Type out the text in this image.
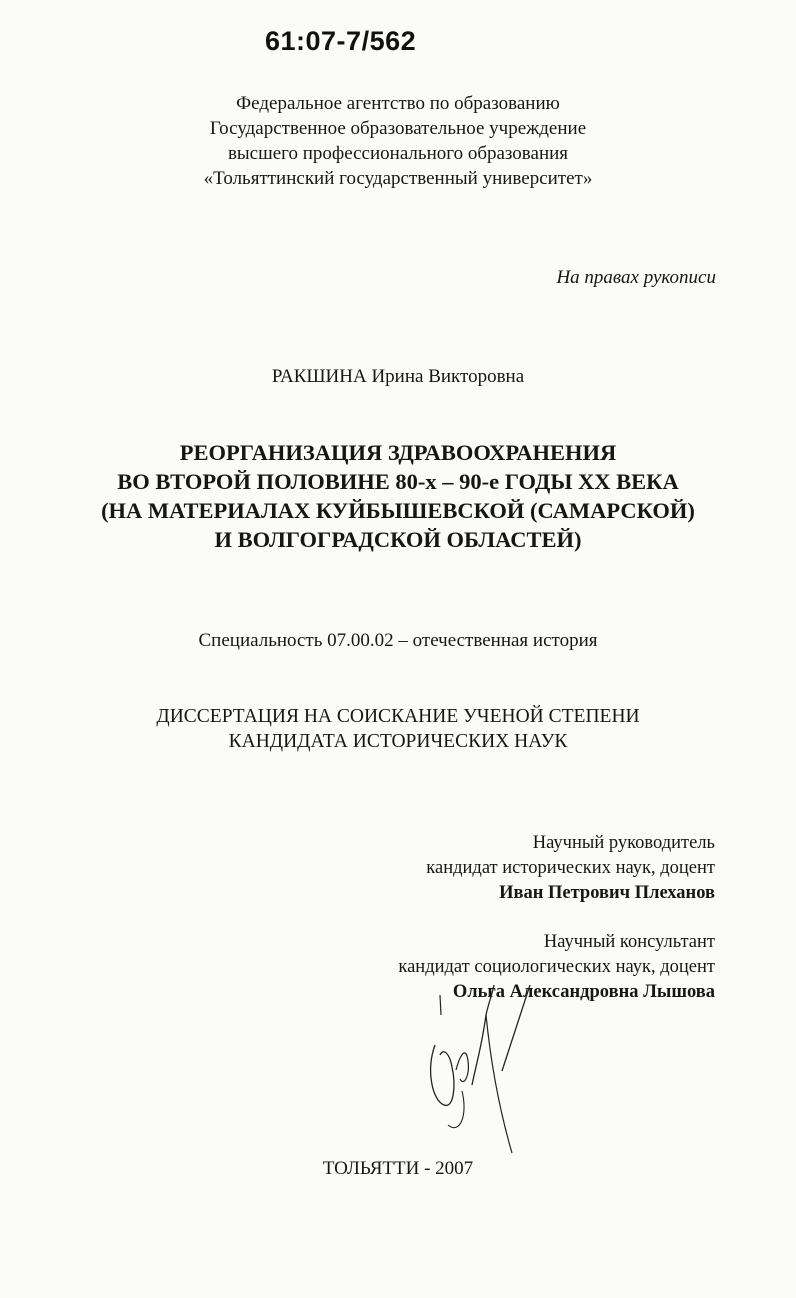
61:07-7/562
Федеральное агентство по образованию
Государственное образовательное учреждение
высшего профессионального образования
«Тольяттинский государственный университет»
На правах рукописи
РАКШИНА Ирина Викторовна
РЕОРГАНИЗАЦИЯ ЗДРАВООХРАНЕНИЯ
ВО ВТОРОЙ ПОЛОВИНЕ 80-х – 90-е ГОДЫ XX ВЕКА
(НА МАТЕРИАЛАХ КУЙБЫШЕВСКОЙ (САМАРСКОЙ)
И ВОЛГОГРАДСКОЙ ОБЛАСТЕЙ)
Специальность 07.00.02 – отечественная история
ДИССЕРТАЦИЯ НА СОИСКАНИЕ УЧЕНОЙ СТЕПЕНИ
КАНДИДАТА ИСТОРИЧЕСКИХ НАУК
Научный руководитель
кандидат исторических наук, доцент
Иван Петрович Плеханов
Научный консультант
кандидат социологических наук, доцент
Ольга Александровна Лышова
ТОЛЬЯТТИ - 2007
